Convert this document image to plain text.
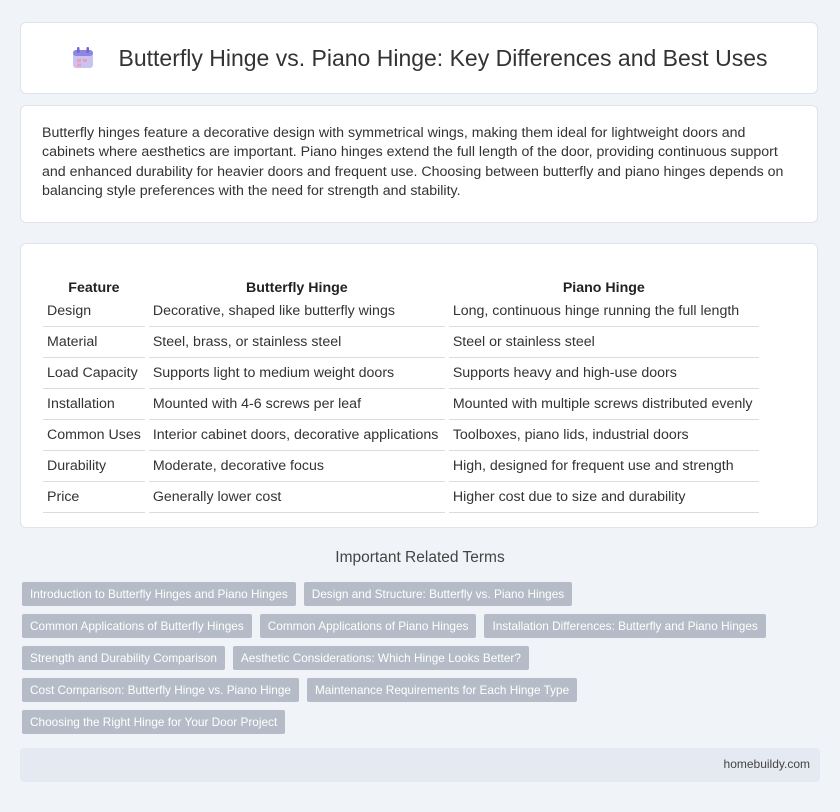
Butterfly Hinge vs. Piano Hinge: Key Differences and Best Uses

Butterfly hinges feature a decorative design with symmetrical wings, making them ideal for lightweight doors and cabinets where aesthetics are important. Piano hinges extend the full length of the door, providing continuous support and enhanced durability for heavier doors and frequent use. Choosing between butterfly and piano hinges depends on balancing style preferences with the need for strength and stability.

Feature	Butterfly Hinge	Piano Hinge
Design	Decorative, shaped like butterfly wings	Long, continuous hinge running the full length
Material	Steel, brass, or stainless steel	Steel or stainless steel
Load Capacity	Supports light to medium weight doors	Supports heavy and high-use doors
Installation	Mounted with 4-6 screws per leaf	Mounted with multiple screws distributed evenly
Common Uses	Interior cabinet doors, decorative applications	Toolboxes, piano lids, industrial doors
Durability	Moderate, decorative focus	High, designed for frequent use and strength
Price	Generally lower cost	Higher cost due to size and durability
Important Related Terms
Introduction to Butterfly Hinges and Piano Hinges	Design and Structure: Butterfly vs. Piano Hinges
Common Applications of Butterfly Hinges	Common Applications of Piano Hinges	Installation Differences: Butterfly and Piano Hinges
Strength and Durability Comparison	Aesthetic Considerations: Which Hinge Looks Better?
Cost Comparison: Butterfly Hinge vs. Piano Hinge	Maintenance Requirements for Each Hinge Type
Choosing the Right Hinge for Your Door Project
homebuildy.com
